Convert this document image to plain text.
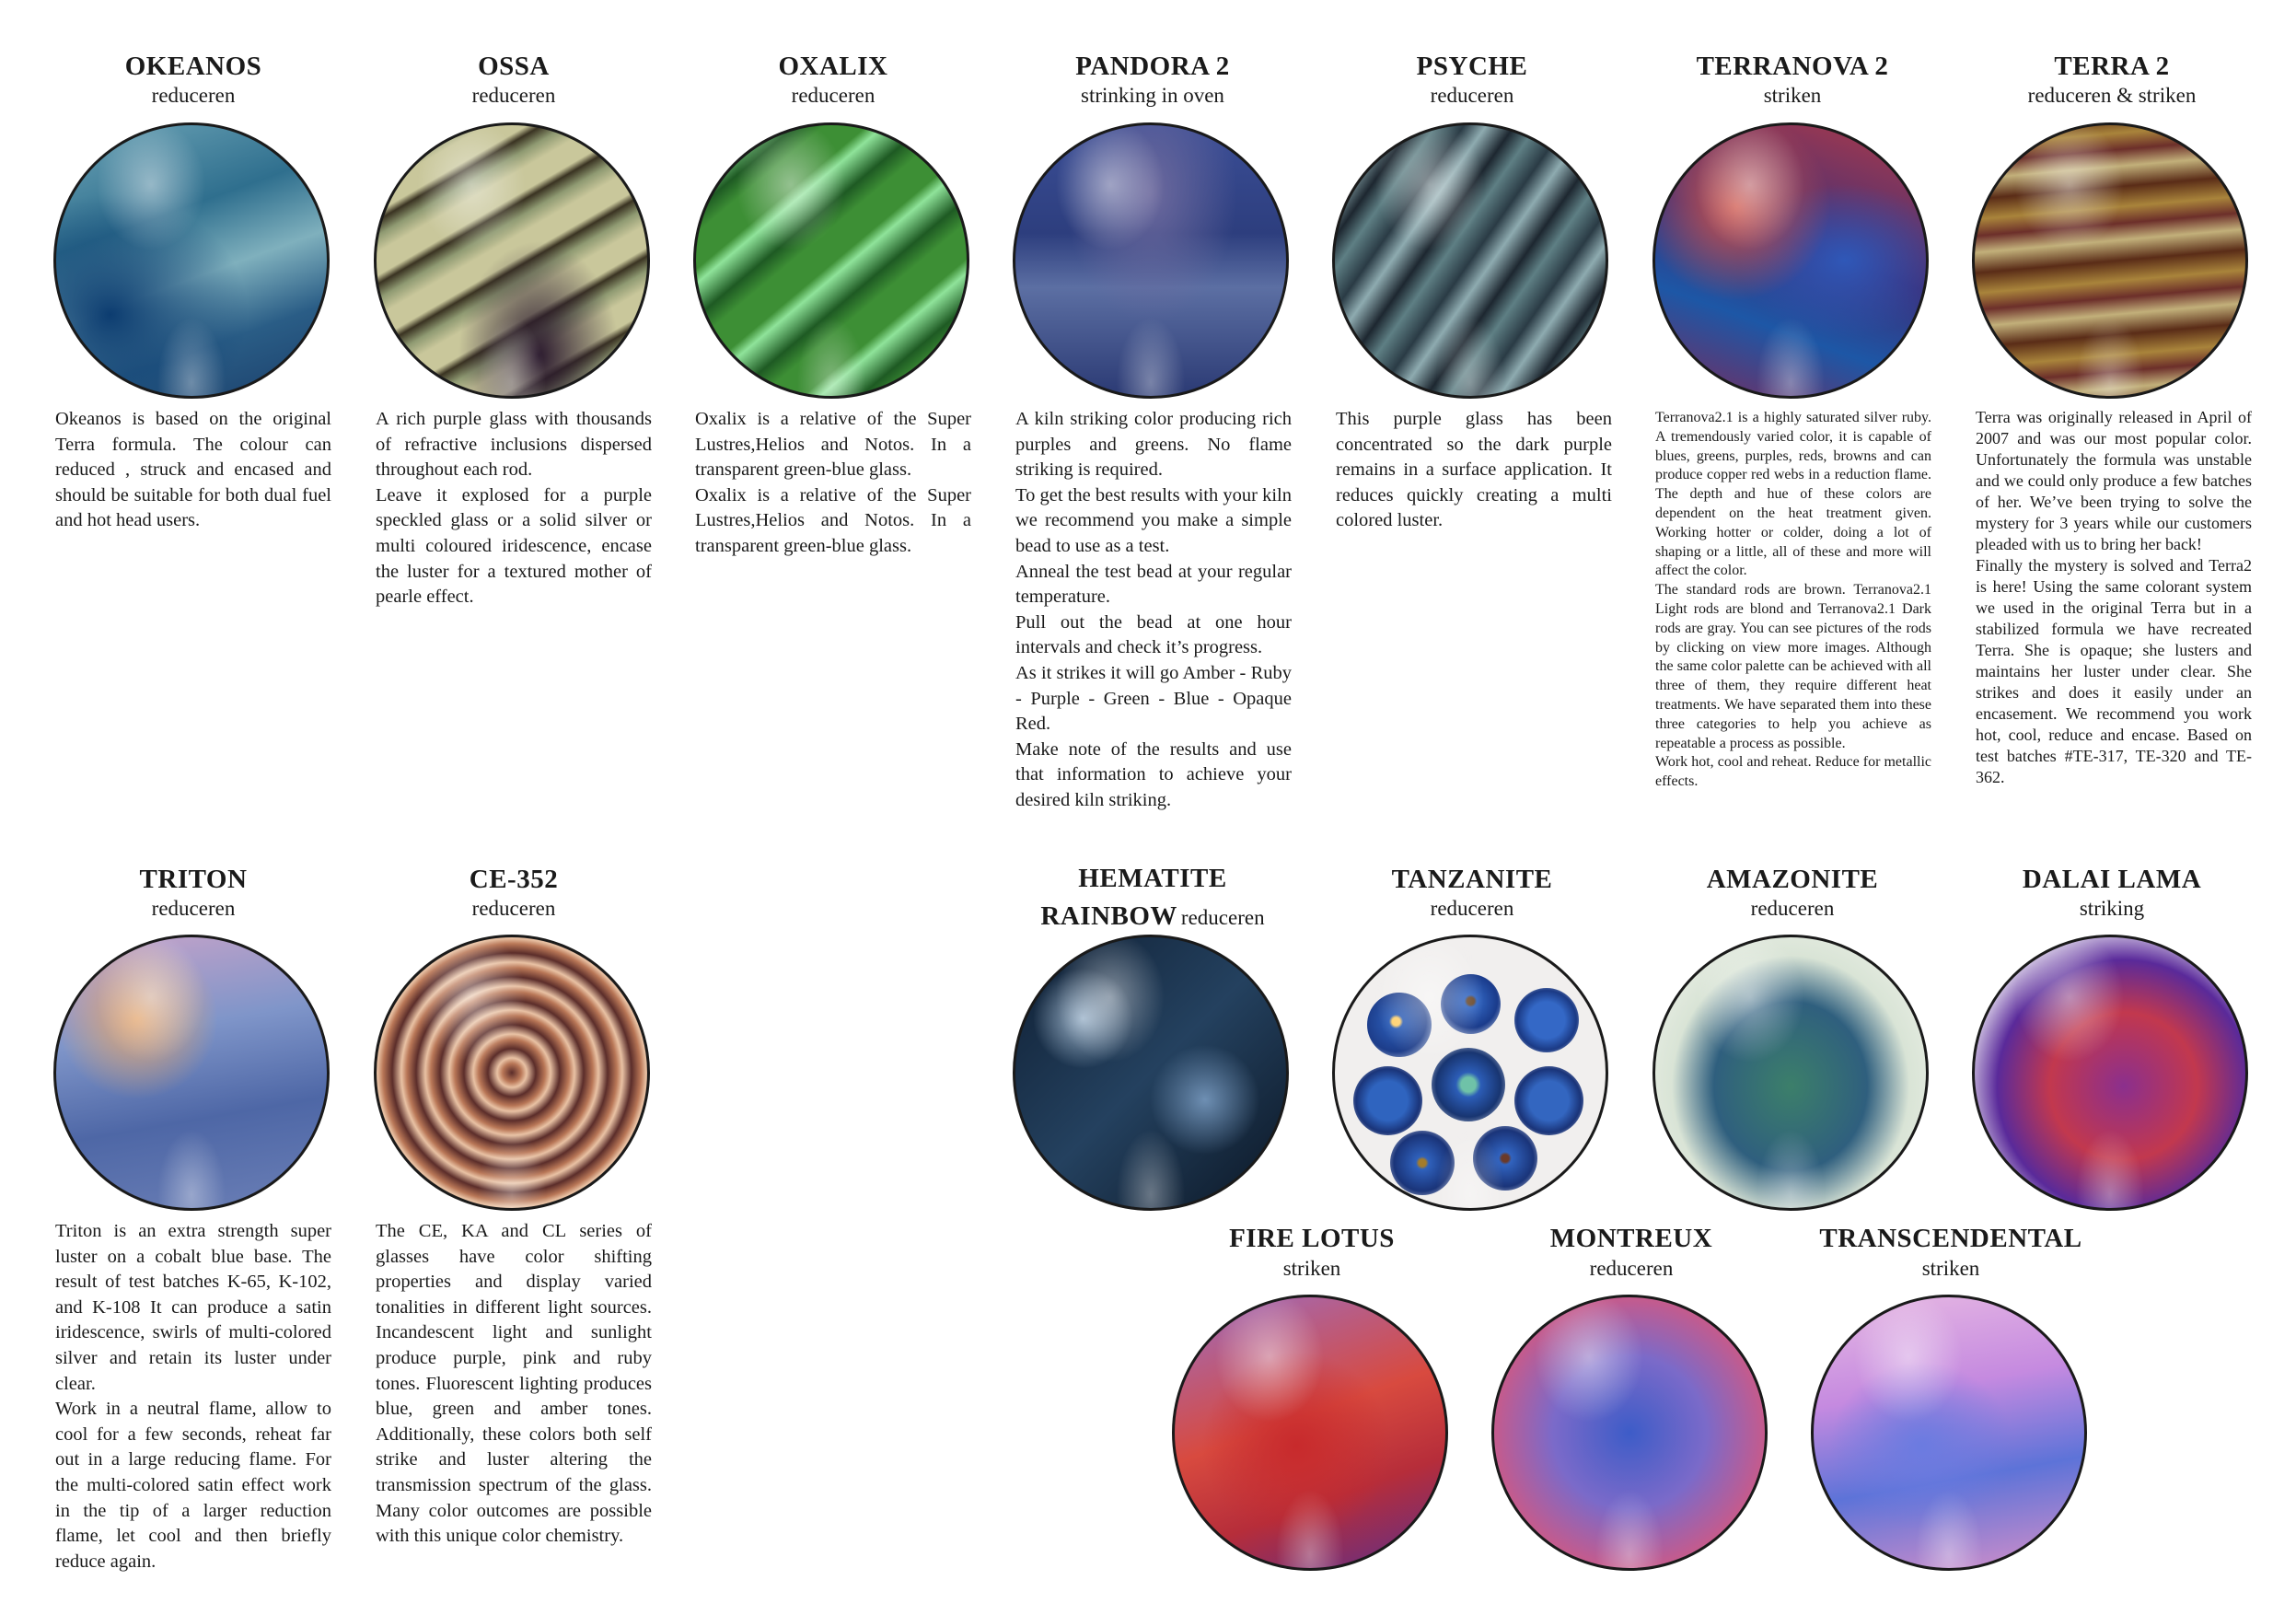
OKEANOS
reduceren

Okeanos is based on the original Terra formula. The colour can reduced , struck and encased and should be suitable for both dual fuel and hot head users.

OSSA
reduceren

A rich purple glass with thousands of refractive inclusions dispersed throughout each rod.

Leave it explosed for a purple speckled glass or a solid silver or multi coloured iridescence, encase the luster for a textured mother of pearle effect.

OXALIX
reduceren

Oxalix is a relative of the Super Lustres,Helios and Notos. In a transparent green-blue glass.

Oxalix is a relative of the Super Lustres,Helios and Notos. In a transparent green-blue glass.

PANDORA 2
strinking in oven

A kiln striking color producing rich purples and greens. No flame striking is required.

To get the best results with your kiln we recommend you make a simple bead to use as a test.

Anneal the test bead at your regular temperature.

Pull out the bead at one hour intervals and check it’s progress.

As it strikes it will go Amber - Ruby - Purple - Green - Blue - Opaque Red.

Make note of the results and use that information to achieve your desired kiln striking.

PSYCHE
reduceren

This purple glass has been concentrated so the dark purple remains in a surface application. It reduces quickly creating a multi colored luster.

TERRANOVA 2
striken

Terranova2.1 is a highly saturated silver ruby. A tremendously varied color, it is capable of blues, greens, purples, reds, browns and can produce copper red webs in a reduction flame. The depth and hue of these colors are dependent on the heat treatment given. Working hotter or colder, doing a lot of shaping or a little, all of these and more will affect the color.

The standard rods are brown. Terranova2.1 Light rods are blond and Terranova2.1 Dark rods are gray. You can see pictures of the rods by clicking on view more images. Although the same color palette can be achieved with all three of them, they require different heat treatments. We have separated them into these three categories to help you achieve as repeatable a process as possible.

Work hot, cool and reheat. Reduce for metallic effects.

TERRA 2
reduceren & striken

Terra was originally released in April of 2007 and was our most popular color. Unfortunately the formula was unstable and we could only produce a few batches of her. We’ve been trying to solve the mystery for 3 years while our customers pleaded with us to bring her back!

Finally the mystery is solved and Terra2 is here! Using the same colorant system we used in the original Terra but in a stabilized formula we have recreated Terra. She is opaque; she lusters and maintains her luster under clear. She strikes and does it easily under an encasement. We recommend you work hot, cool, reduce and encase. Based on test batches #TE-317, TE-320 and TE-362.

TRITON
reduceren

Triton is an extra strength super luster on a cobalt blue base. The result of test batches K-65, K-102, and K-108 It can produce a satin iridescence, swirls of multi-colored silver and retain its luster under clear.

Work in a neutral flame, allow to cool for a few seconds, reheat far out in a large reducing flame. For the multi-colored satin effect work in the tip of a larger reduction flame, let cool and then briefly reduce again.

CE-352
reduceren

The CE, KA and CL series of glasses have color shifting properties and display varied tonalities in different light sources. Incandescent light and sunlight produce purple, pink and ruby tones. Fluorescent lighting produces blue, green and amber tones. Additionally, these colors both self strike and luster altering the transmission spectrum of the glass. Many color outcomes are possible with this unique color chemistry.

HEMATITE
RAINBOW reduceren
TANZANITE
reduceren
AMAZONITE
reduceren
DALAI LAMA
striking
FIRE LOTUS
striken
MONTREUX
reduceren
TRANSCENDENTAL
striken
